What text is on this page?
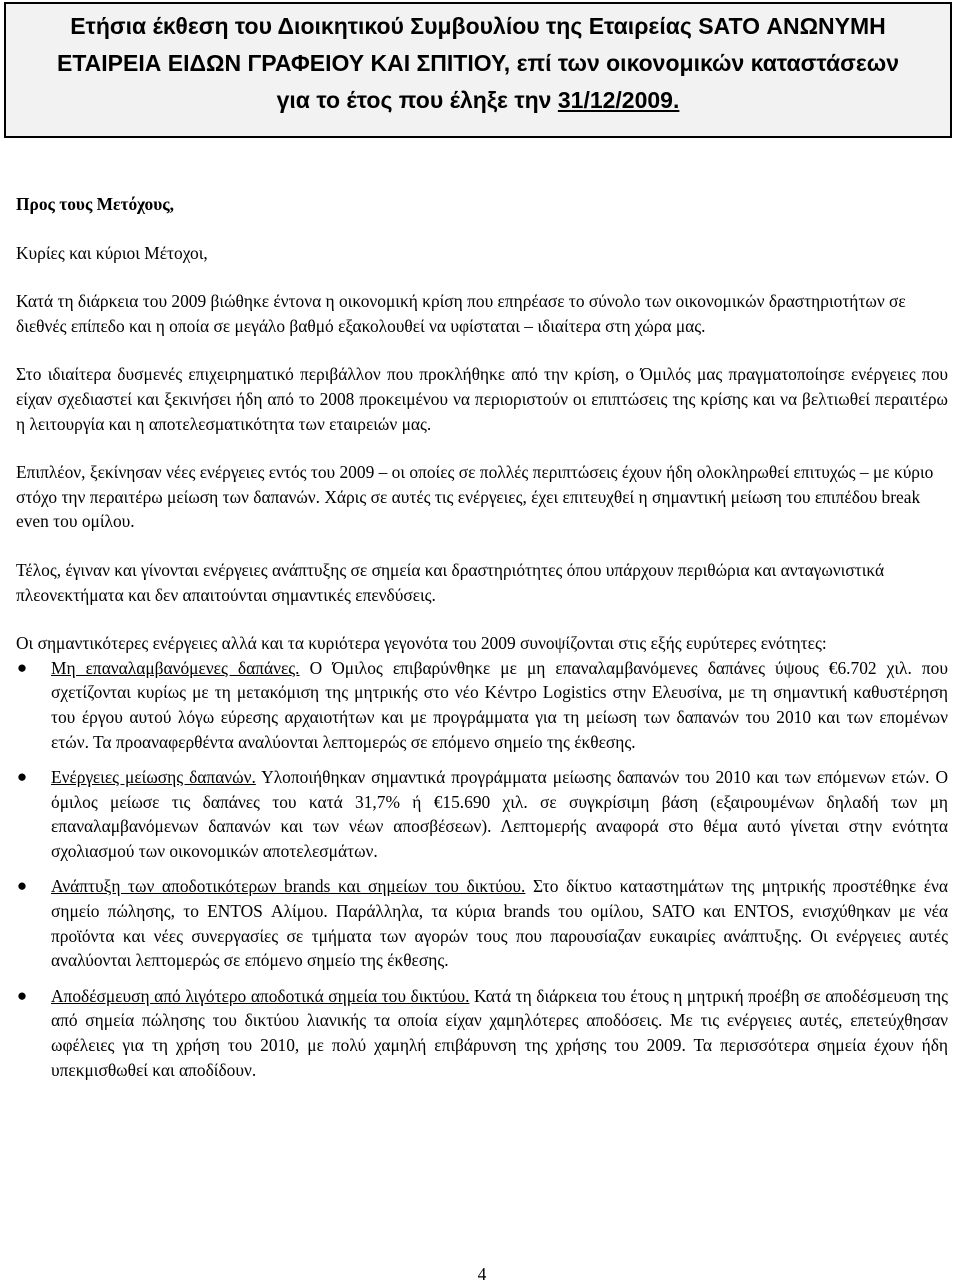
Ετήσια έκθεση του Διοικητικού Συμβουλίου της Εταιρείας SATO ΑΝΩΝΥΜΗ
ΕΤΑΙΡΕΙΑ ΕΙΔΩΝ ΓΡΑΦΕΙΟΥ ΚΑΙ ΣΠΙΤΙΟΥ, επί των οικονομικών καταστάσεων
για το έτος που έληξε την 31/12/2009.

Προς τους Μετόχους,

Κυρίες και κύριοι Μέτοχοι,

Κατά τη διάρκεια του 2009 βιώθηκε έντονα η οικονομική κρίση που επηρέασε το σύνολο των οικονομικών δραστηριοτήτων σε διεθνές επίπεδο και η οποία σε μεγάλο βαθμό εξακολουθεί να υφίσταται – ιδιαίτερα στη χώρα μας.

Στο ιδιαίτερα δυσμενές επιχειρηματικό περιβάλλον που προκλήθηκε από την κρίση, ο Όμιλός μας πραγματοποίησε ενέργειες που είχαν σχεδιαστεί και ξεκινήσει ήδη από το 2008 προκειμένου να περιοριστούν οι επιπτώσεις της κρίσης και να βελτιωθεί περαιτέρω η λειτουργία και η αποτελεσματικότητα των εταιρειών μας.

Επιπλέον, ξεκίνησαν νέες ενέργειες εντός του 2009 – οι οποίες σε πολλές περιπτώσεις έχουν ήδη ολοκληρωθεί επιτυχώς – με κύριο στόχο την περαιτέρω μείωση των δαπανών. Χάρις σε αυτές τις ενέργειες, έχει επιτευχθεί η σημαντική μείωση του επιπέδου break even του ομίλου.

Τέλος, έγιναν και γίνονται ενέργειες ανάπτυξης σε σημεία και δραστηριότητες όπου υπάρχουν περιθώρια και ανταγωνιστικά πλεονεκτήματα και δεν απαιτούνται σημαντικές επενδύσεις.

Οι σημαντικότερες ενέργειες αλλά και τα κυριότερα γεγονότα του 2009 συνοψίζονται στις εξής ευρύτερες ενότητες:

● Μη επαναλαμβανόμενες δαπάνες. Ο Όμιλος επιβαρύνθηκε με μη επαναλαμβανόμενες δαπάνες ύψους €6.702 χιλ. που σχετίζονται κυρίως με τη μετακόμιση της μητρικής στο νέο Κέντρο Logistics στην Ελευσίνα, με τη σημαντική καθυστέρηση του έργου αυτού λόγω εύρεσης αρχαιοτήτων και με προγράμματα για τη μείωση των δαπανών του 2010 και των επομένων ετών. Τα προαναφερθέντα αναλύονται λεπτομερώς σε επόμενο σημείο της έκθεσης.
● Ενέργειες μείωσης δαπανών. Υλοποιήθηκαν σημαντικά προγράμματα μείωσης δαπανών του 2010 και των επόμενων ετών. Ο όμιλος μείωσε τις δαπάνες του κατά 31,7% ή €15.690 χιλ. σε συγκρίσιμη βάση (εξαιρουμένων δηλαδή των μη επαναλαμβανόμενων δαπανών και των νέων αποσβέσεων). Λεπτομερής αναφορά στο θέμα αυτό γίνεται στην ενότητα σχολιασμού των οικονομικών αποτελεσμάτων.
● Ανάπτυξη των αποδοτικότερων brands και σημείων του δικτύου. Στο δίκτυο καταστημάτων της μητρικής προστέθηκε ένα σημείο πώλησης, το ENTOS Αλίμου. Παράλληλα, τα κύρια brands του ομίλου, SATO και ENTOS, ενισχύθηκαν με νέα προϊόντα και νέες συνεργασίες σε τμήματα των αγορών τους που παρουσίαζαν ευκαιρίες ανάπτυξης. Οι ενέργειες αυτές αναλύονται λεπτομερώς σε επόμενο σημείο της έκθεσης.
● Αποδέσμευση από λιγότερο αποδοτικά σημεία του δικτύου. Κατά τη διάρκεια του έτους η μητρική προέβη σε αποδέσμευση της από σημεία πώλησης του δικτύου λιανικής τα οποία είχαν χαμηλότερες αποδόσεις. Με τις ενέργειες αυτές, επετεύχθησαν ωφέλειες για τη χρήση του 2010, με πολύ χαμηλή επιβάρυνση της χρήσης του 2009. Τα περισσότερα σημεία έχουν ήδη υπεκμισθωθεί και αποδίδουν.
4
